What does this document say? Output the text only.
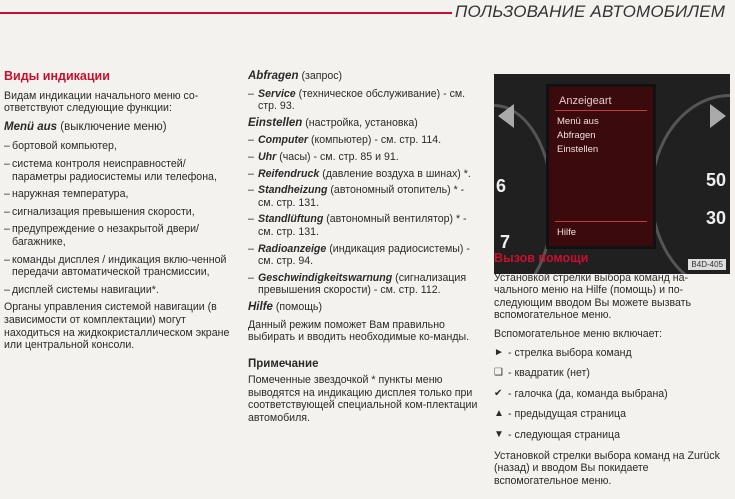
ПОЛЬЗОВАНИЕ АВТОМОБИЛЕМ
Виды индикации
Видам индикации начального меню со-ответствуют следующие функции:
Menü aus (выключение меню)
– бортовой компьютер,
– система контроля неисправностей/ параметры радиосистемы или телефона,
– наружная температура,
– сигнализация превышения скорости,
– предупреждение о незакрытой двери/ багажнике,
– команды дисплея / индикация вклю-ченной передачи автоматической трансмиссии,
– дисплей системы навигации*.
Органы управления системой навигации (в зависимости от комплектации) могут находиться на жидкокристаллическом экране или центральной консоли.
Abfragen (запрос)
– Service (техническое обслуживание) - см. стр. 93.
Einstellen (настройка, установка)
– Computer (компьютер) - см. стр. 114.
– Uhr (часы) - см. стр. 85 и 91.
– Reifendruck (давление воздуха в шинах) *.
– Standheizung (автономный отопитель) * - см. стр. 131.
– Standlüftung (автономный вентилятор) * - см. стр. 131.
– Radioanzeige (индикация радиосистемы) - см. стр. 94.
– Geschwindigkeitswarnung (сигнализация превышения скорости) - см. стр. 112.
Hilfe (помощь)
Данный режим поможет Вам правильно выбирать и вводить необходимые ко-манды.
Примечание
Помеченные звездочкой * пункты меню выводятся на индикацию дисплея только при соответствующей специальной ком-плектации автомобиля.
6
7
50
30
Anzeigeart
Menü aus
Abfragen
Einstellen
Hilfe
B4D-405
Вызов помощи
Установкой стрелки выбора команд на-чального меню на Hilfe (помощь) и по-следующим вводом Вы можете вызвать вспомогательное меню.
Вспомогательное меню включает:
► - стрелка выбора команд
❑ - квадратик (нет)
✔ - галочка (да, команда выбрана)
▲ - предыдущая страница
▼ - следующая страница
Установкой стрелки выбора команд на Zurück (назад) и вводом Вы покидаете вспомогательное меню.
